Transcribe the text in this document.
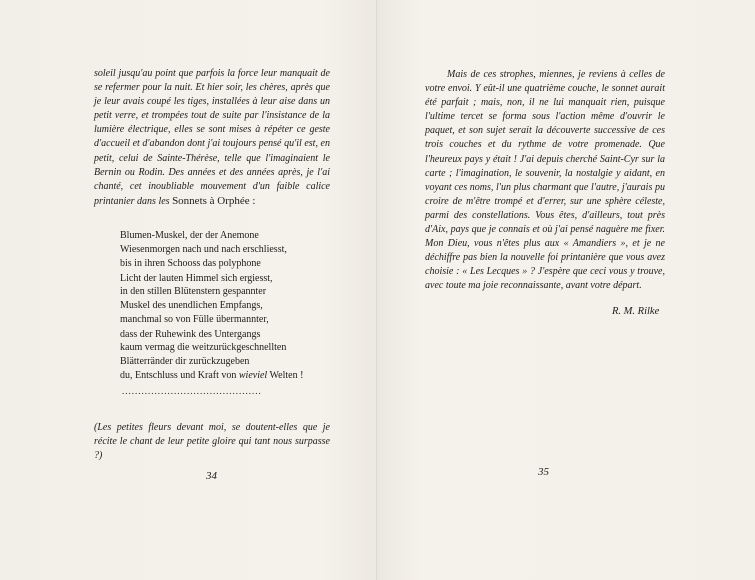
soleil jusqu'au point que parfois la force leur manquait de se refermer pour la nuit. Et hier soir, les chères, après que je leur avais coupé les tiges, installées à leur aise dans un petit verre, et trompées tout de suite par l'insistance de la lumière électrique, elles se sont mises à répéter ce geste d'accueil et d'abandon dont j'ai toujours pensé qu'il est, en petit, celui de Sainte-Thérèse, telle que l'imaginaient le Bernin ou Rodin. Des années et des années après, je l'ai chanté, cet inoubliable mouvement d'un faible calice printanier dans les Sonnets à Orphée :

Blumen-Muskel, der der Anemone
Wiesenmorgen nach und nach erschliesst,
bis in ihren Schooss das polyphone
Licht der lauten Himmel sich ergiesst,
in den stillen Blütenstern gespannter
Muskel des unendlichen Empfangs,
manchmal so von Fülle übermannter,
dass der Ruhewink des Untergangs
kaum vermag die weitzurückgeschnellten
Blätterränder dir zurückzugeben
du, Entschluss und Kraft von wieviel Welten !

...........................................

(Les petites fleurs devant moi, se doutent-elles que je récite le chant de leur petite gloire qui tant nous surpasse ?)

34	35

Mais de ces strophes, miennes, je reviens à celles de votre envoi. Y eût-il une quatrième couche, le sonnet aurait été parfait ; mais, non, il ne lui manquait rien, puisque l'ultime tercet se forma sous l'action même d'ouvrir le paquet, et son sujet serait la découverte successive de ces trois couches et du rythme de votre promenade. Que l'heureux pays y était ! J'ai depuis cherché Saint-Cyr sur la carte ; l'imagination, le souvenir, la nostalgie y aidant, en voyant ces noms, l'un plus charmant que l'autre, j'aurais pu croire de m'être trompé et d'errer, sur une sphère céleste, parmi des constellations. Vous êtes, d'ailleurs, tout près d'Aix, pays que je connais et où j'ai pensé naguère me fixer. Mon Dieu, vous n'êtes plus aux « Amandiers », et je ne déchiffre pas bien la nouvelle foi printanière que vous avez choisie : « Les Lecques » ? J'espère que ceci vous y trouve, avec toute ma joie reconnaissante, avant votre départ.

R. M. Rilke
